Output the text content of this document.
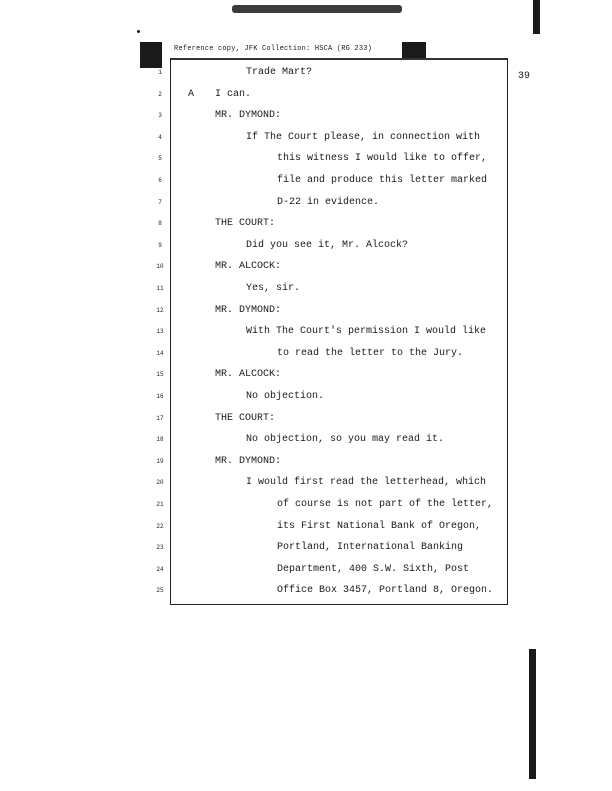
Reference copy, JFK Collection: HSCA (RG 233)
39
1	Trade Mart?
2	A I can.
3	MR. DYMOND:
4	If The Court please, in connection with
5	this witness I would like to offer,
6	file and produce this letter marked
7	D-22 in evidence.
8	THE COURT:
9	Did you see it, Mr. Alcock?
10	MR. ALCOCK:
11	Yes, sir.
12	MR. DYMOND:
13	With The Court's permission I would like
14	to read the letter to the Jury.
15	MR. ALCOCK:
16	No objection.
17	THE COURT:
18	No objection, so you may read it.
19	MR. DYMOND:
20	I would first read the letterhead, which
21	of course is not part of the letter,
22	its First National Bank of Oregon,
23	Portland, International Banking
24	Department, 400 S.W. Sixth, Post
25	Office Box 3457, Portland 8, Oregon.
